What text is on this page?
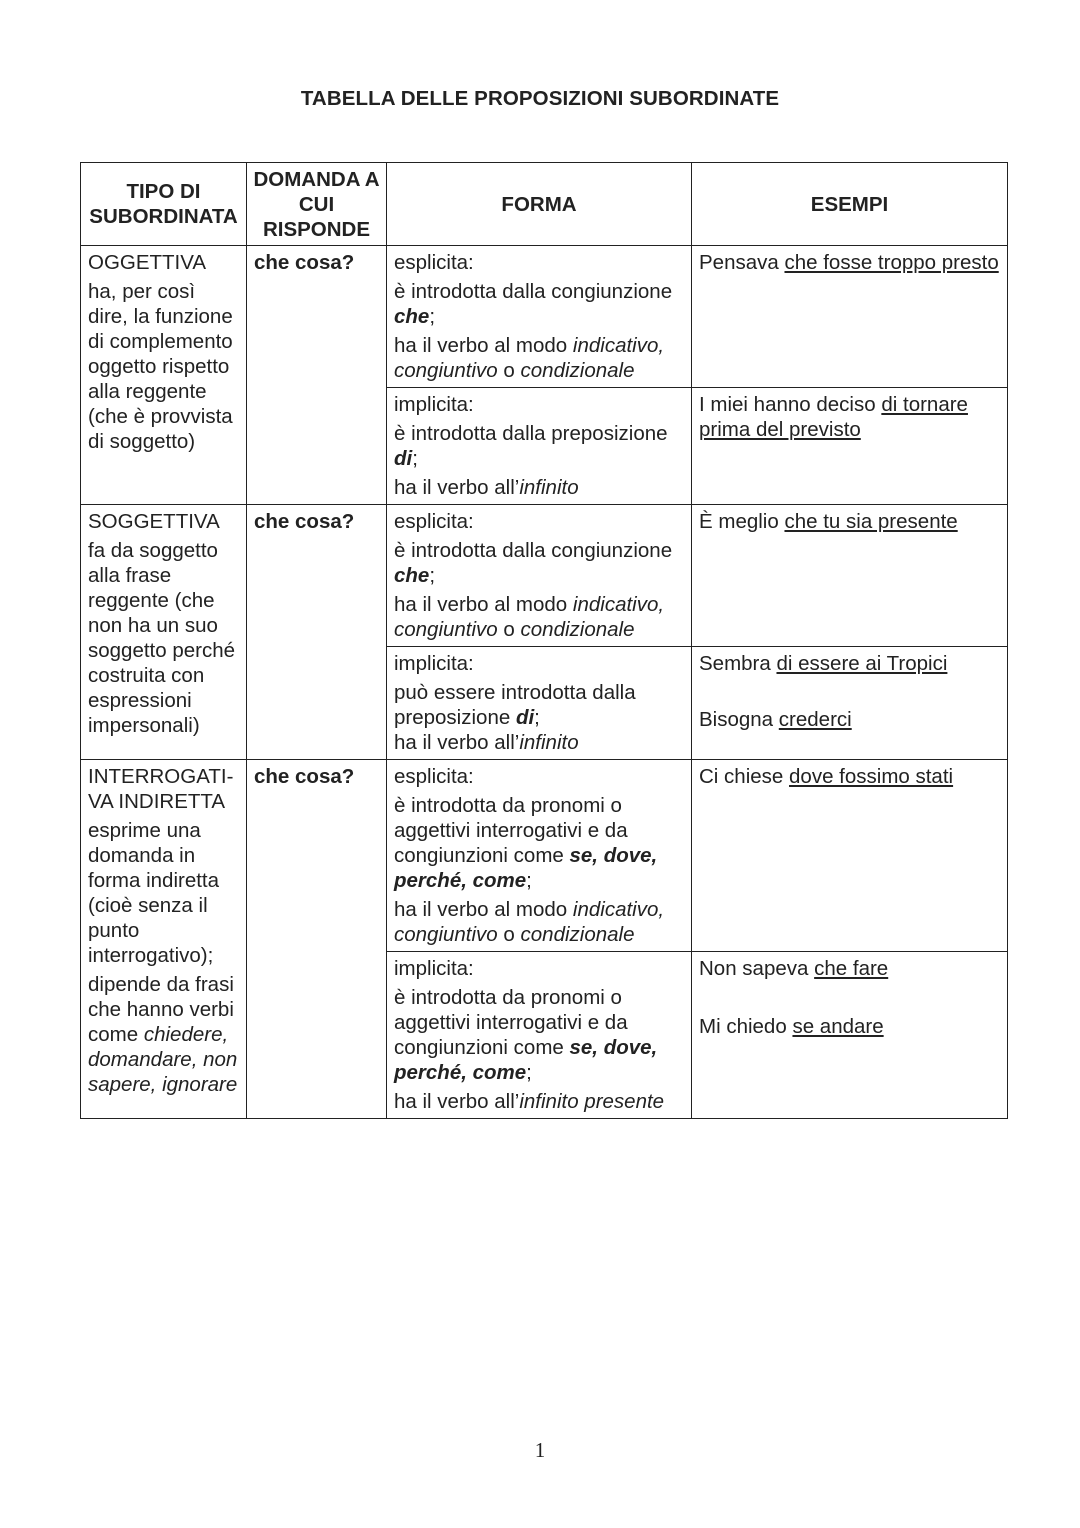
TABELLA DELLE PROPOSIZIONI SUBORDINATE
TIPO DI SUBORDINATA	DOMANDA A CUI RISPONDE	FORMA	ESEMPI

OGGETTIVA
ha, per così dire, la funzione di complemento oggetto rispetto alla reggente (che è provvista di soggetto)	che cosa?	esplicita:
è introdotta dalla congiunzione che;
ha il verbo al modo indicativo, congiuntivo o condizionale	Pensava che fosse troppo presto

		implicita:
è introdotta dalla preposizione di;
ha il verbo all’infinito	I miei hanno deciso di tornare prima del previsto

SOGGETTIVA
fa da soggetto alla frase reggente (che non ha un suo soggetto perché costruita con espressioni impersonali)	che cosa?	esplicita:
è introdotta dalla congiunzione che;
ha il verbo al modo indicativo, congiuntivo o condizionale	È meglio che tu sia presente

		implicita:
può essere introdotta dalla preposizione di;
ha il verbo all’infinito	Sembra di essere ai Tropici
Bisogna crederci

INTERROGATI-VA INDIRETTA
esprime una domanda in forma indiretta (cioè senza il punto interrogativo);
dipende da frasi che hanno verbi come chiedere, domandare, non sapere, ignorare	che cosa?	esplicita:
è introdotta da pronomi o aggettivi interrogativi e da congiunzioni come se, dove, perché, come;
ha il verbo al modo indicativo, congiuntivo o condizionale	Ci chiese dove fossimo stati

		implicita:
è introdotta da pronomi o aggettivi interrogativi e da congiunzioni come se, dove, perché, come;
ha il verbo all’infinito presente	Non sapeva che fare
Mi chiedo se andare
1
